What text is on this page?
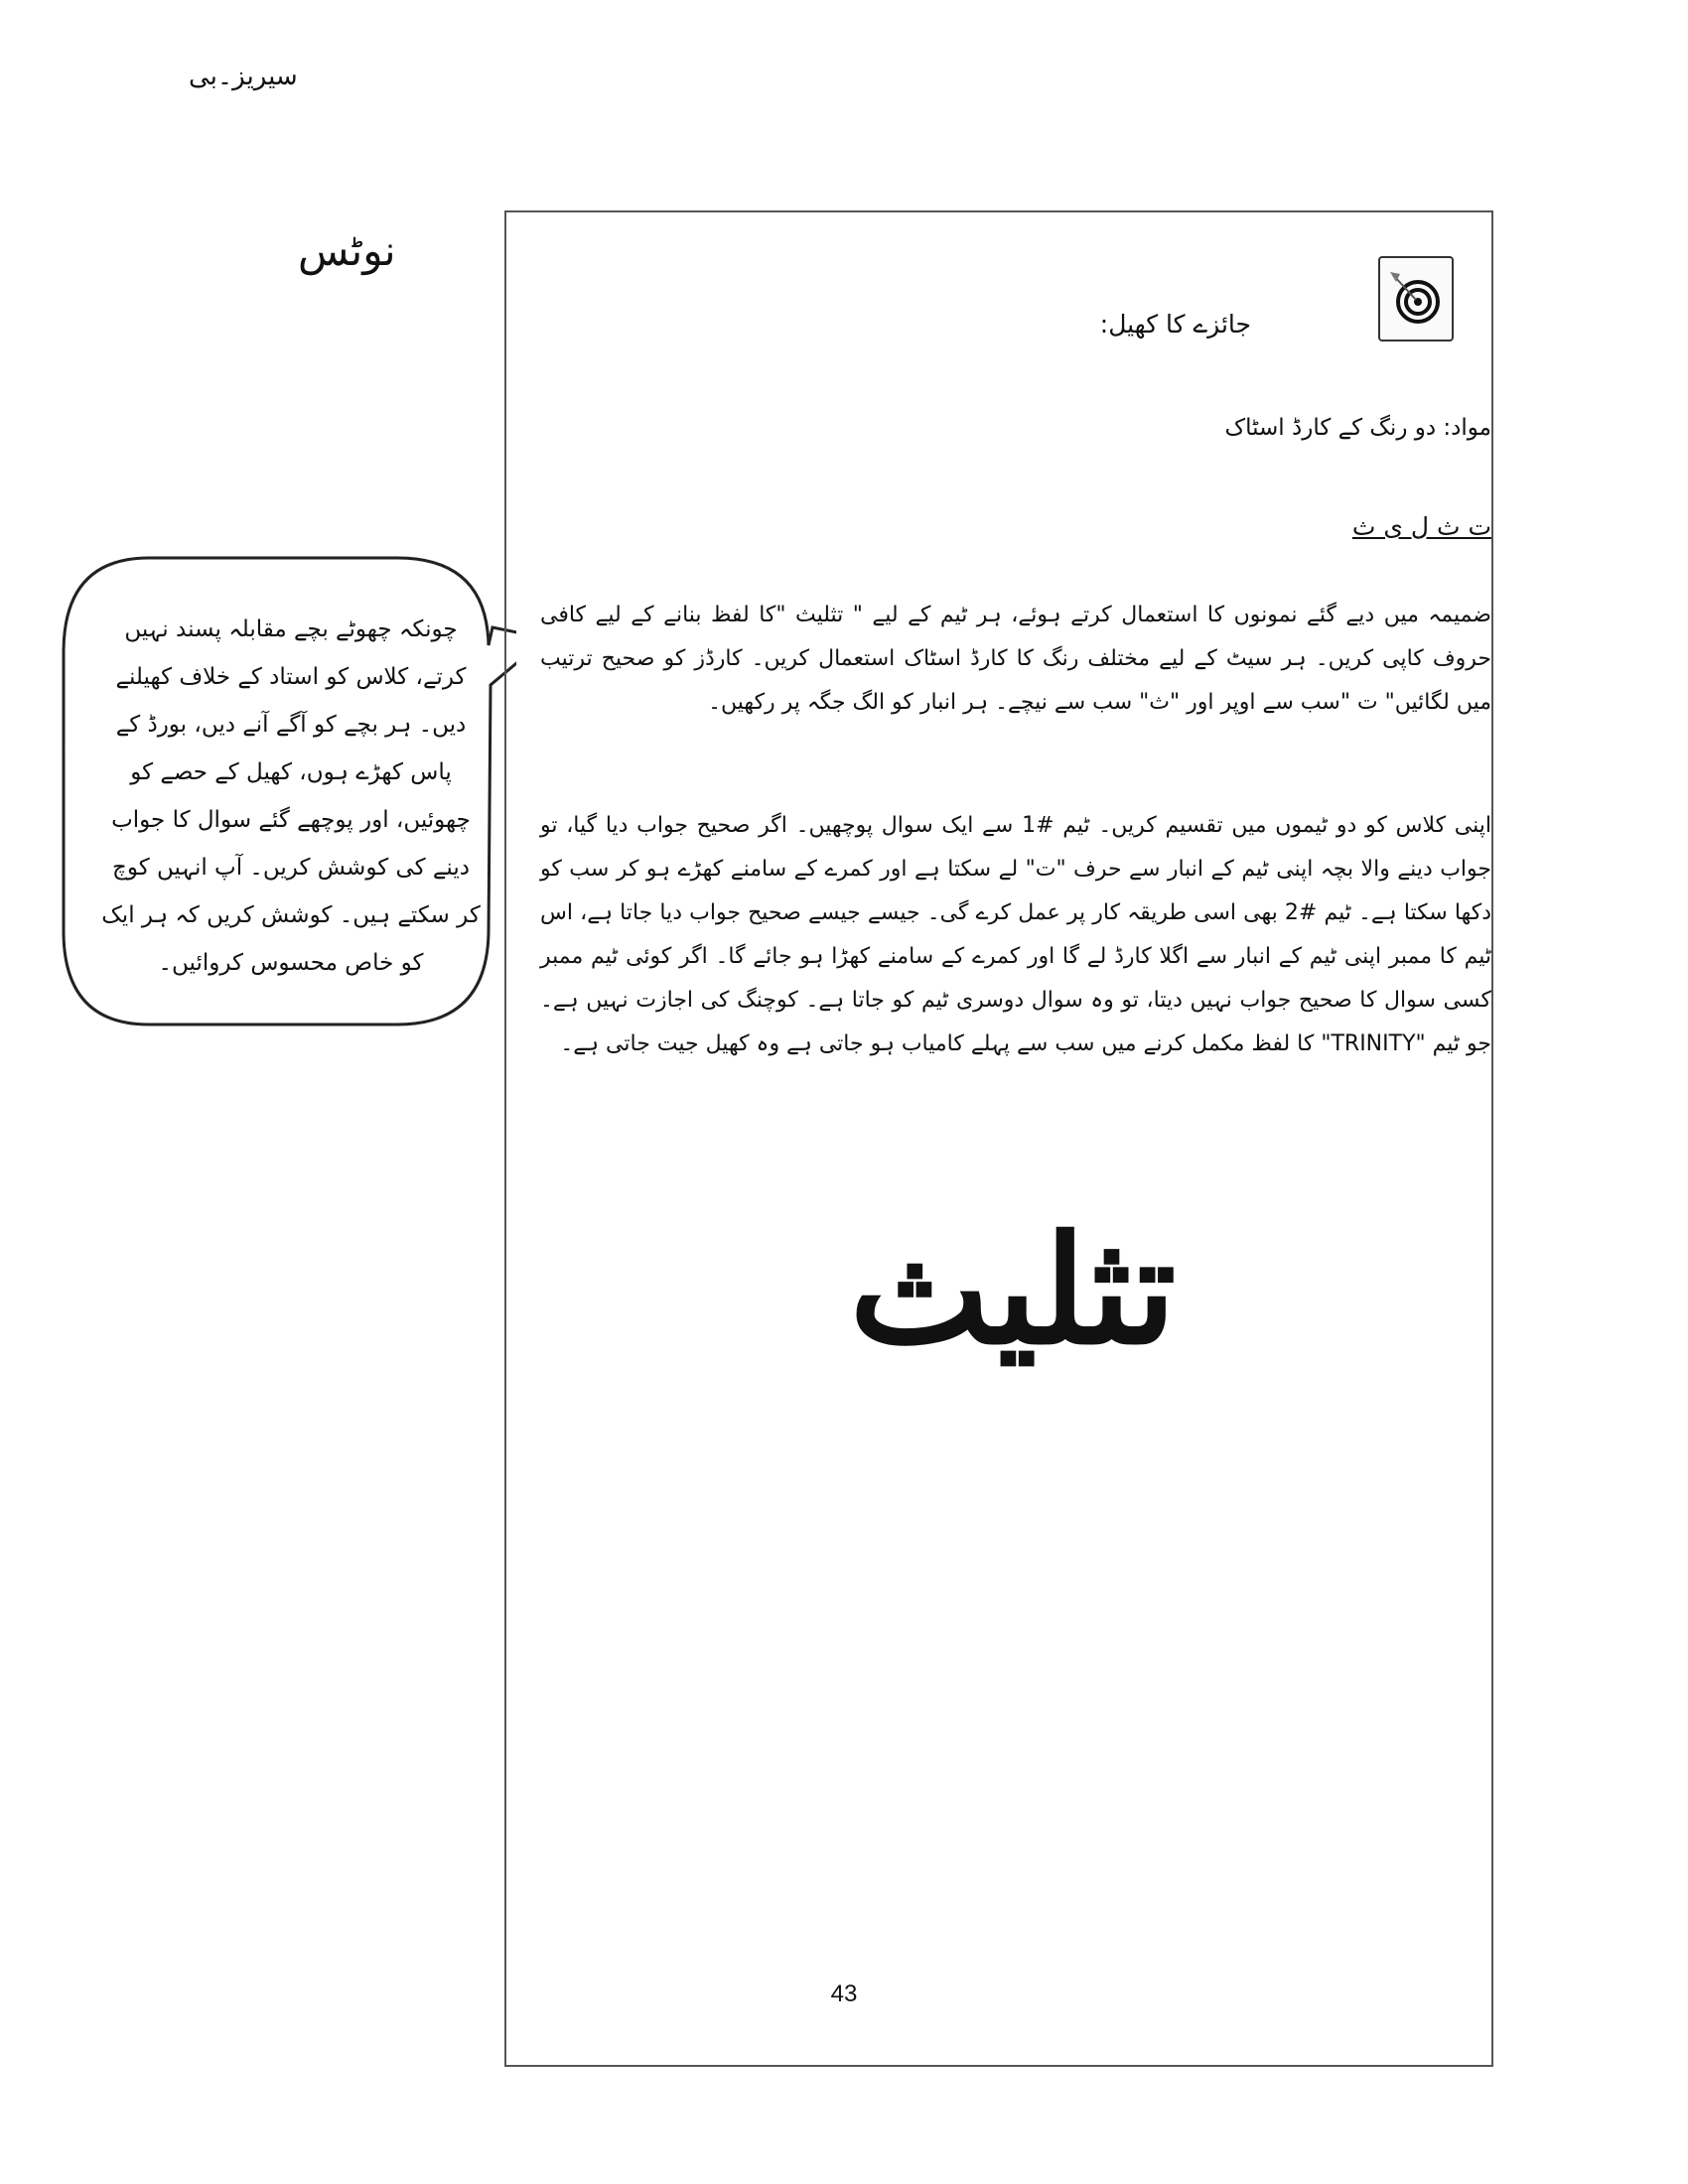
سیریز۔بی
نوٹس
چونکہ چھوٹے بچے مقابلہ پسند نہیں کرتے، کلاس کو استاد کے خلاف کھیلنے دیں۔ ہر بچے کو آگے آنے دیں، بورڈ کے پاس کھڑے ہوں، کھیل کے حصے کو چھوئیں، اور پوچھے گئے سوال کا جواب دینے کی کوشش کریں۔ آپ انہیں کوچ کر سکتے ہیں۔ کوشش کریں کہ ہر ایک کو خاص محسوس کروائیں۔
جائزے کا کھیل:
مواد: دو رنگ کے کارڈ اسٹاک
ت ث ل ی ث
ضمیمہ میں دیے گئے نمونوں کا استعمال کرتے ہوئے، ہر ٹیم کے لیے " تثلیث "کا لفظ بنانے کے لیے کافی حروف کاپی کریں۔ ہر سیٹ کے لیے مختلف رنگ کا کارڈ اسٹاک استعمال کریں۔ کارڈز کو صحیح ترتیب میں لگائیں" ت "سب سے اوپر اور "ث" سب سے نیچے۔ ہر انبار کو الگ جگہ پر رکھیں۔
اپنی کلاس کو دو ٹیموں میں تقسیم کریں۔ ٹیم #1 سے ایک سوال پوچھیں۔ اگر صحیح جواب دیا گیا، تو جواب دینے والا بچہ اپنی ٹیم کے انبار سے حرف "ت" لے سکتا ہے اور کمرے کے سامنے کھڑے ہو کر سب کو دکھا سکتا ہے۔ ٹیم #2 بھی اسی طریقہ کار پر عمل کرے گی۔ جیسے جیسے صحیح جواب دیا جاتا ہے، اس ٹیم کا ممبر اپنی ٹیم کے انبار سے اگلا کارڈ لے گا اور کمرے کے سامنے کھڑا ہو جائے گا۔ اگر کوئی ٹیم ممبر کسی سوال کا صحیح جواب نہیں دیتا، تو وہ سوال دوسری ٹیم کو جاتا ہے۔ کوچنگ کی اجازت نہیں ہے۔ جو ٹیم "TRINITY" کا لفظ مکمل کرنے میں سب سے پہلے کامیاب ہو جاتی ہے وہ کھیل جیت جاتی ہے۔
تثلیث
43
